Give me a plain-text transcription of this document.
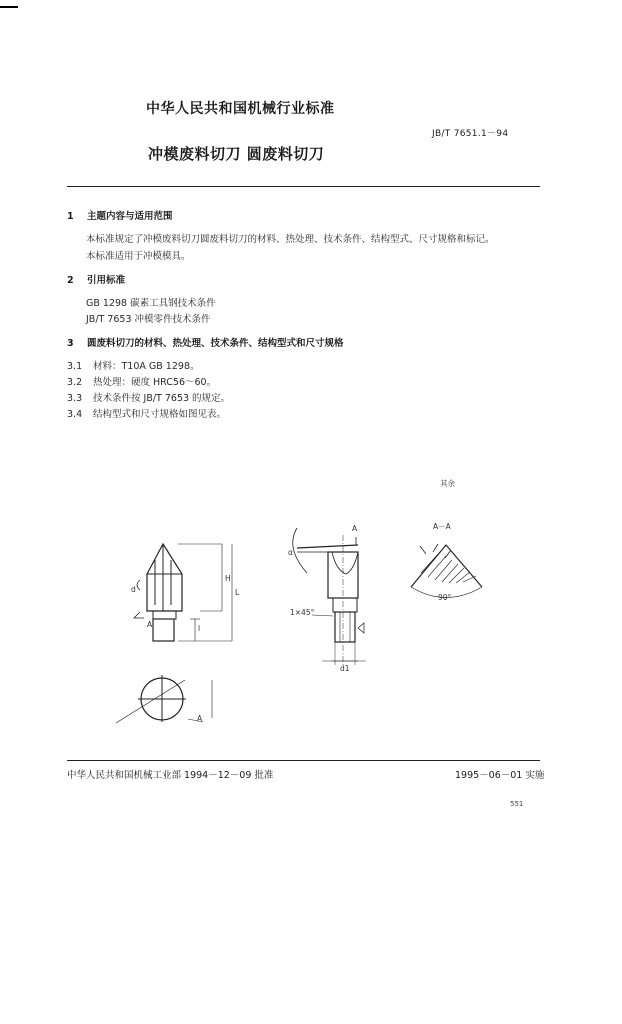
中华人民共和国机械行业标准
JB/T 7651.1－94
冲模废料切刀 圆废料切刀
1 主题内容与适用范围
本标准规定了冲模废料切刀圆废料切刀的材料、热处理、技术条件、结构型式、尺寸规格和标记。
本标准适用于冲模模具。
2 引用标准
GB 1298 碳素工具钢技术条件
JB/T 7653 冲模零件技术条件
3 圆废料切刀的材料、热处理、技术条件、结构型式和尺寸规格
3.1 材料：T10A GB 1298。
3.2 热处理：硬度 HRC56～60。
3.3 技术条件按 JB/T 7653 的规定。
3.4 结构型式和尺寸规格如图见表。
其余
A－A
90°
1×45°
H
L
l
d
d1
A
A
A
α
中华人民共和国机械工业部 1994－12－09 批准	1995－06－01 实施
551
